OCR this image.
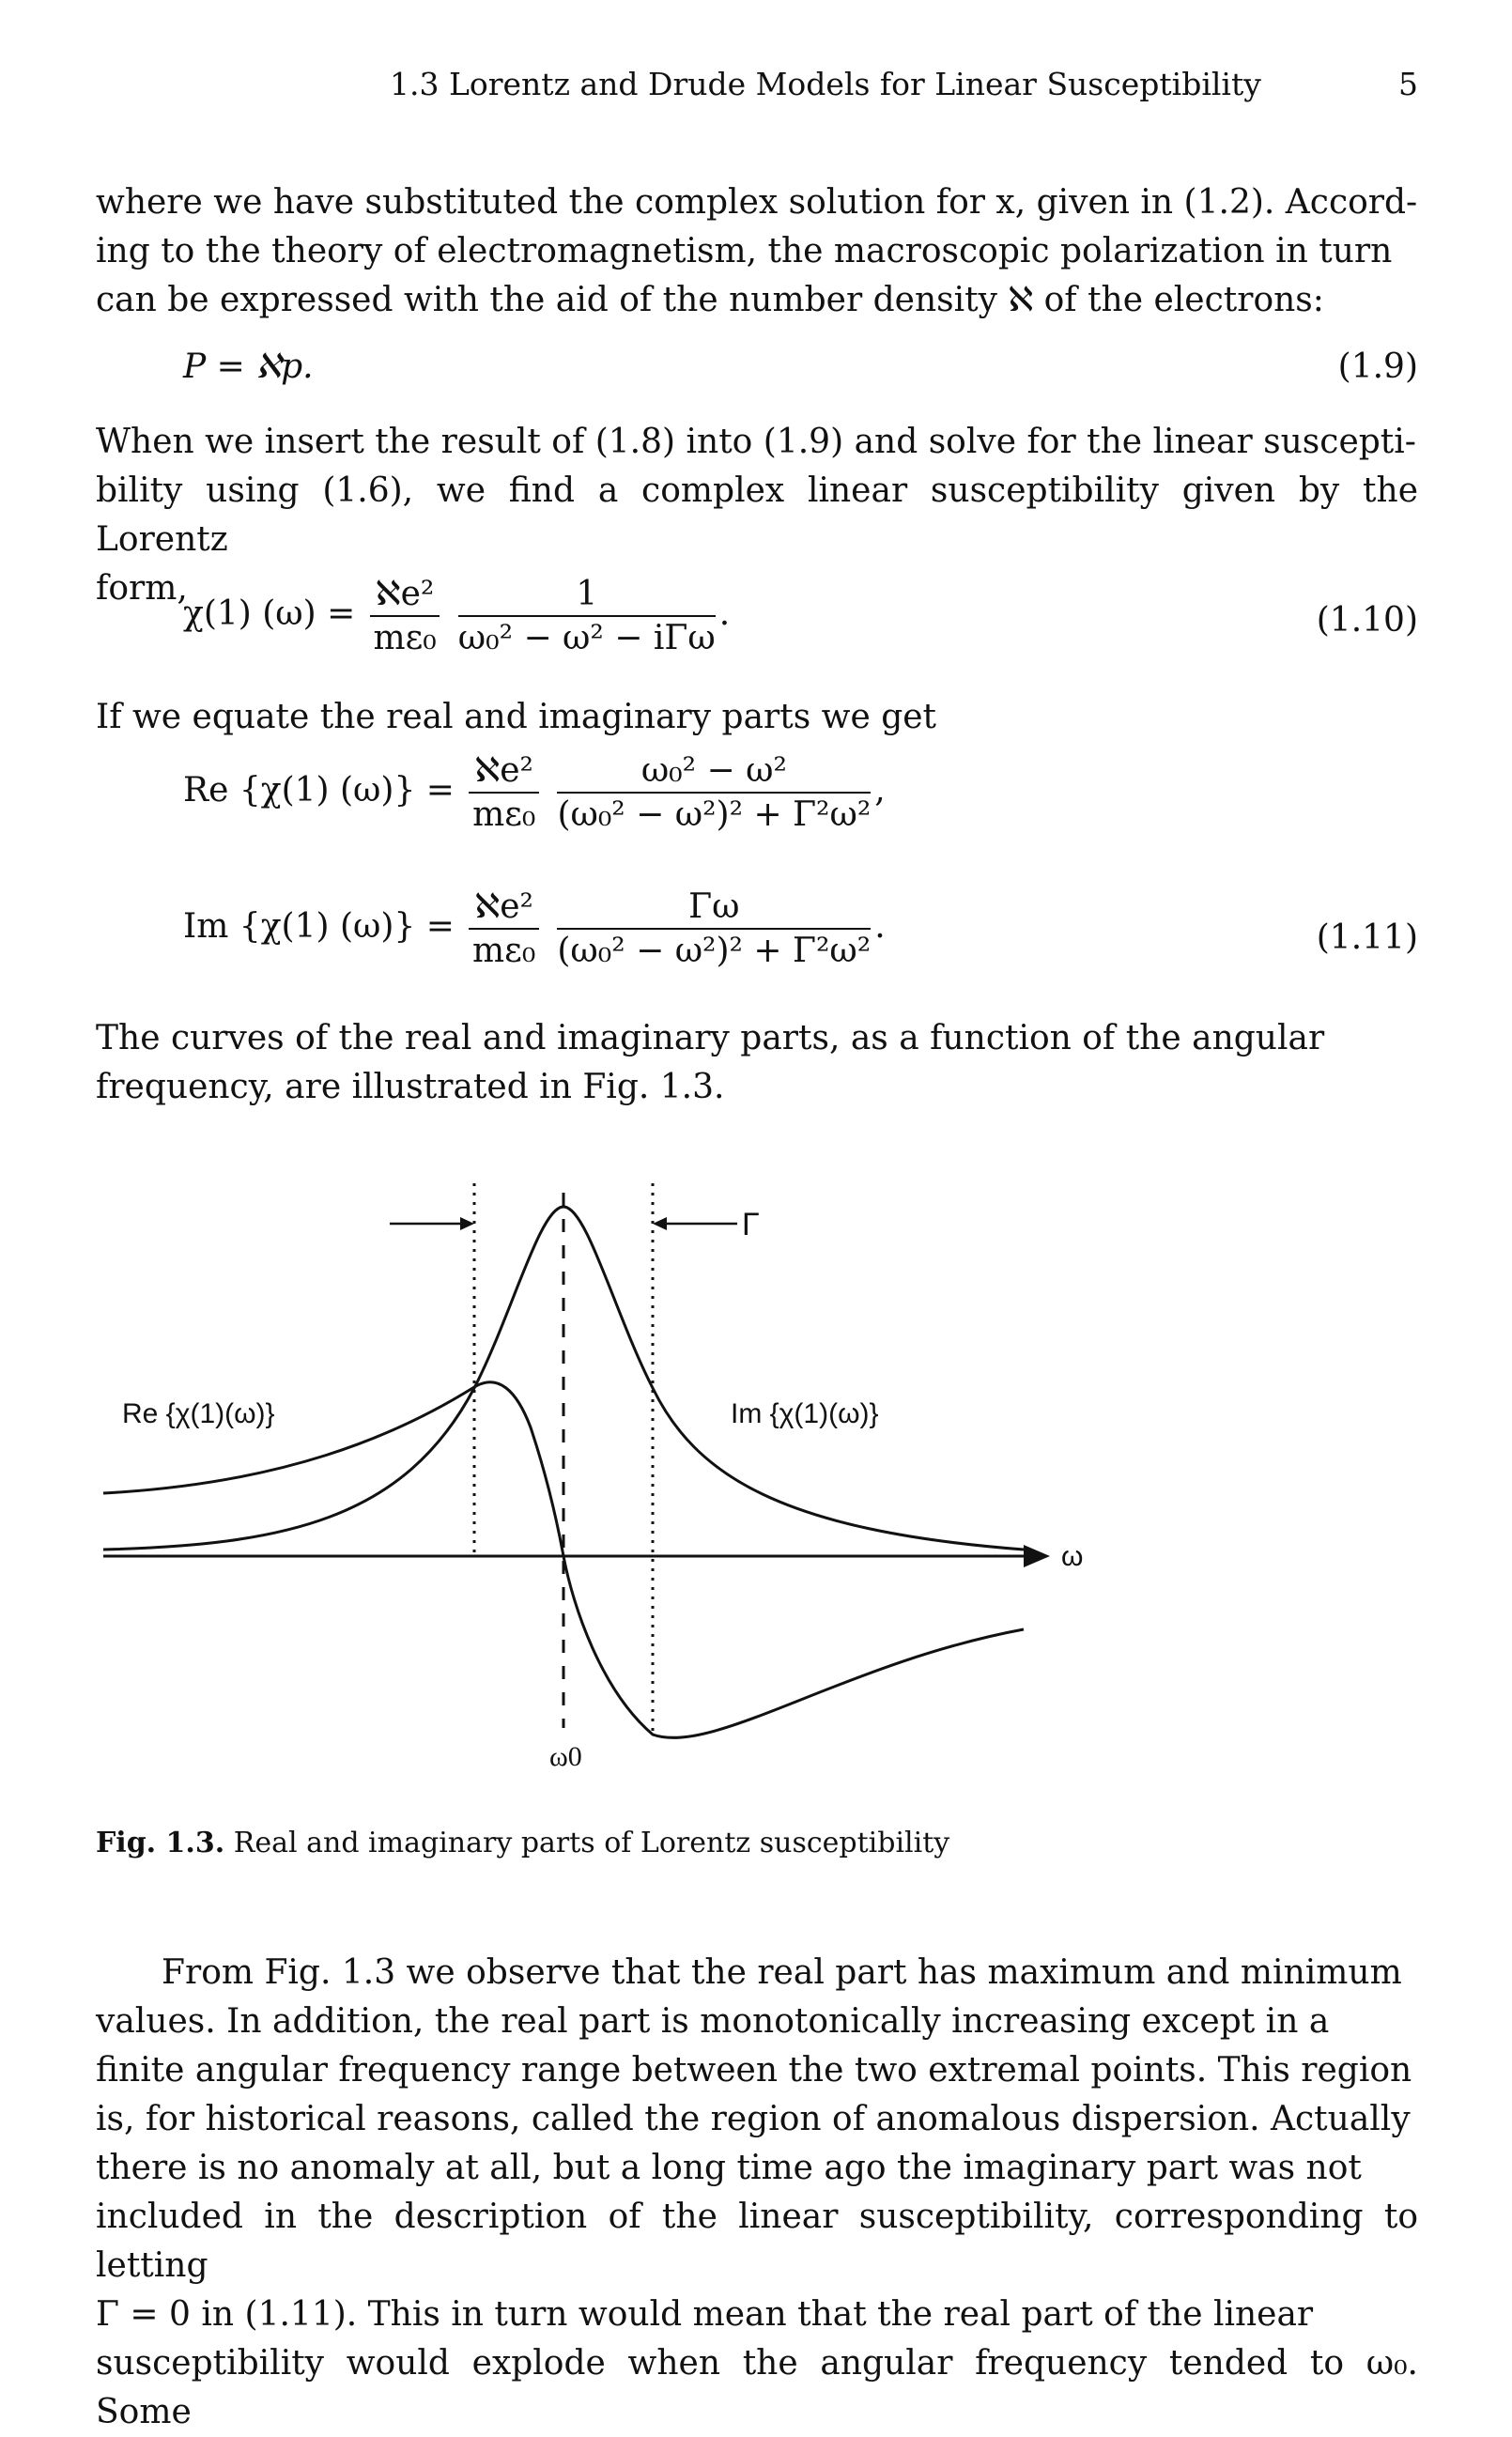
1.3 Lorentz and Drude Models for Linear Susceptibility	5

where we have substituted the complex solution for x, given in (1.2). Accord-

ing to the theory of electromagnetism, the macroscopic polarization in turn

can be expressed with the aid of the number density ℵ of the electrons:

P = ℵp.	(1.9)

When we insert the result of (1.8) into (1.9) and solve for the linear suscepti-

bility using (1.6), we find a complex linear susceptibility given by the Lorentz

form,

χ(1) $(\omega) = \frac{\text{ℵe²}}{\text{mε₀}}$
$\frac{1}{\text{ω₀² − ω² − iΓω}}$ .	(1.10)

If we equate the real and imaginary parts we get

Re {χ(1) $(\omega)\} = \frac{\text{ℵe²}}{\text{mε₀}}$
$\frac{\text{ω₀² − ω²}}{\text{(ω₀² − ω²)² + Γ²ω²}}$ ,
Im {χ(1) $(\omega)\} = \frac{\text{ℵe²}}{\text{mε₀}}$
$\frac{\Gamma\omega}{\text{(ω₀² − ω²)² + Γ²ω²}}$ .	(1.11)

The curves of the real and imaginary parts, as a function of the angular

frequency, are illustrated in Fig. 1.3.

Γ
Re {χ(1)(ω)}	Im {χ(1)(ω)}
ω
ω0
Fig. 1.3. Real and imaginary parts of Lorentz susceptibility

From Fig. 1.3 we observe that the real part has maximum and minimum

values. In addition, the real part is monotonically increasing except in a

finite angular frequency range between the two extremal points. This region

is, for historical reasons, called the region of anomalous dispersion. Actually

there is no anomaly at all, but a long time ago the imaginary part was not

included in the description of the linear susceptibility, corresponding to letting

Γ = 0 in (1.11). This in turn would mean that the real part of the linear

susceptibility would explode when the angular frequency tended to ω₀. Some
